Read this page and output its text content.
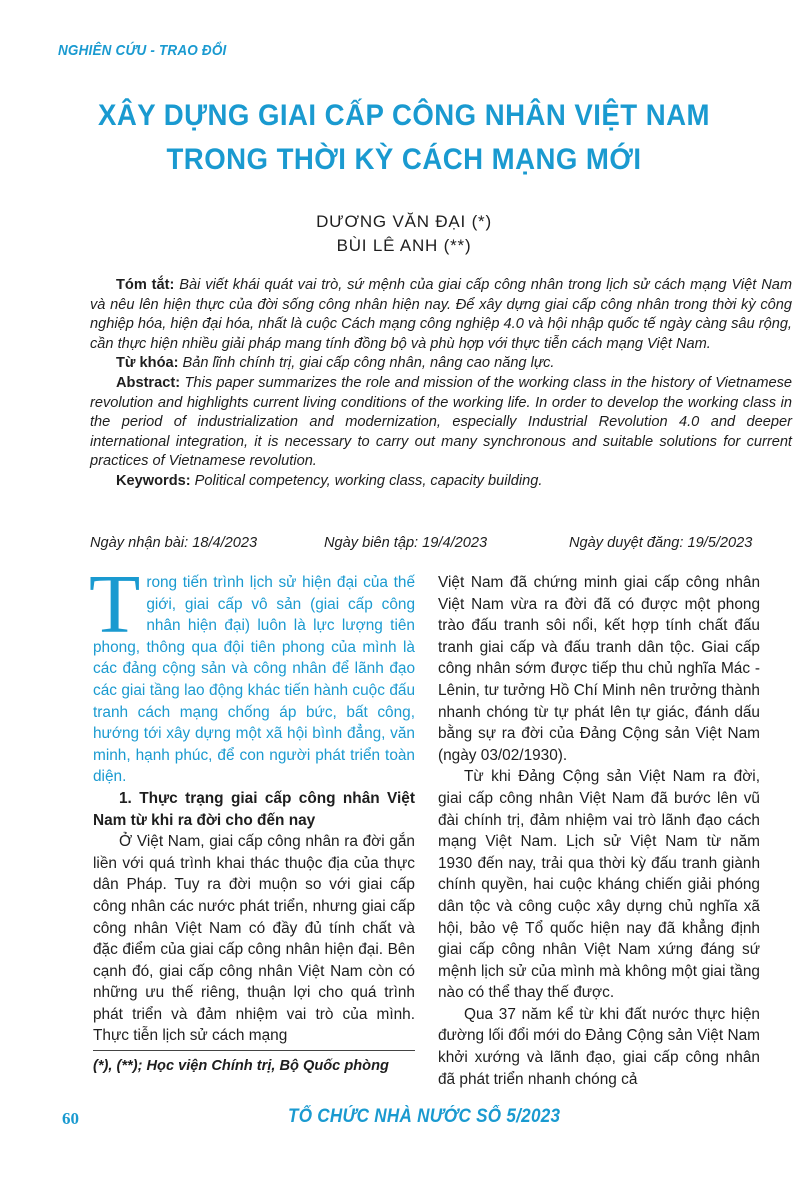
NGHIÊN CỨU - TRAO ĐỔI
XÂY DỰNG GIAI CẤP CÔNG NHÂN VIỆT NAM
TRONG THỜI KỲ CÁCH MẠNG MỚI
DƯƠNG VĂN ĐẠI (*)
BÙI LÊ ANH (**)

Tóm tắt: Bài viết khái quát vai trò, sứ mệnh của giai cấp công nhân trong lịch sử cách mạng Việt Nam và nêu lên hiện thực của đời sống công nhân hiện nay. Để xây dựng giai cấp công nhân trong thời kỳ công nghiệp hóa, hiện đại hóa, nhất là cuộc Cách mạng công nghiệp 4.0 và hội nhập quốc tế ngày càng sâu rộng, cần thực hiện nhiều giải pháp mang tính đồng bộ và phù hợp với thực tiễn cách mạng Việt Nam.

Từ khóa: Bản lĩnh chính trị, giai cấp công nhân, nâng cao năng lực.

Abstract: This paper summarizes the role and mission of the working class in the history of Vietnamese revolution and highlights current living conditions of the working life. In order to develop the working class in the period of industrialization and modernization, especially Industrial Revolution 4.0 and deeper international integration, it is necessary to carry out many synchronous and suitable solutions for current practices of Vietnamese revolution.

Keywords: Political competency, working class, capacity building.

Ngày nhận bài: 18/4/2023	Ngày biên tập: 19/4/2023	Ngày duyệt đăng: 19/5/2023

Trong tiến trình lịch sử hiện đại của thế giới, giai cấp vô sản (giai cấp công nhân hiện đại) luôn là lực lượng tiên phong, thông qua đội tiên phong của mình là các đảng cộng sản và công nhân để lãnh đạo các giai tầng lao động khác tiến hành cuộc đấu tranh cách mạng chống áp bức, bất công, hướng tới xây dựng một xã hội bình đẳng, văn minh, hạnh phúc, để con người phát triển toàn diện.

1. Thực trạng giai cấp công nhân Việt Nam từ khi ra đời cho đến nay

Ở Việt Nam, giai cấp công nhân ra đời gắn liền với quá trình khai thác thuộc địa của thực dân Pháp. Tuy ra đời muộn so với giai cấp công nhân các nước phát triển, nhưng giai cấp công nhân Việt Nam có đầy đủ tính chất và đặc điểm của giai cấp công nhân hiện đại. Bên cạnh đó, giai cấp công nhân Việt Nam còn có những ưu thế riêng, thuận lợi cho quá trình phát triển và đảm nhiệm vai trò của mình. Thực tiễn lịch sử cách mạng

Việt Nam đã chứng minh giai cấp công nhân Việt Nam vừa ra đời đã có được một phong trào đấu tranh sôi nổi, kết hợp tính chất đấu tranh giai cấp và đấu tranh dân tộc. Giai cấp công nhân sớm được tiếp thu chủ nghĩa Mác - Lênin, tư tưởng Hồ Chí Minh nên trưởng thành nhanh chóng từ tự phát lên tự giác, đánh dấu bằng sự ra đời của Đảng Cộng sản Việt Nam (ngày 03/02/1930).

Từ khi Đảng Cộng sản Việt Nam ra đời, giai cấp công nhân Việt Nam đã bước lên vũ đài chính trị, đảm nhiệm vai trò lãnh đạo cách mạng Việt Nam. Lịch sử Việt Nam từ năm 1930 đến nay, trải qua thời kỳ đấu tranh giành chính quyền, hai cuộc kháng chiến giải phóng dân tộc và công cuộc xây dựng chủ nghĩa xã hội, bảo vệ Tổ quốc hiện nay đã khẳng định giai cấp công nhân Việt Nam xứng đáng sứ mệnh lịch sử của mình mà không một giai tầng nào có thể thay thế được.

Qua 37 năm kể từ khi đất nước thực hiện đường lối đổi mới do Đảng Cộng sản Việt Nam khởi xướng và lãnh đạo, giai cấp công nhân đã phát triển nhanh chóng cả

(*), (**); Học viện Chính trị, Bộ Quốc phòng
60	TỔ CHỨC NHÀ NƯỚC SỐ 5/2023
